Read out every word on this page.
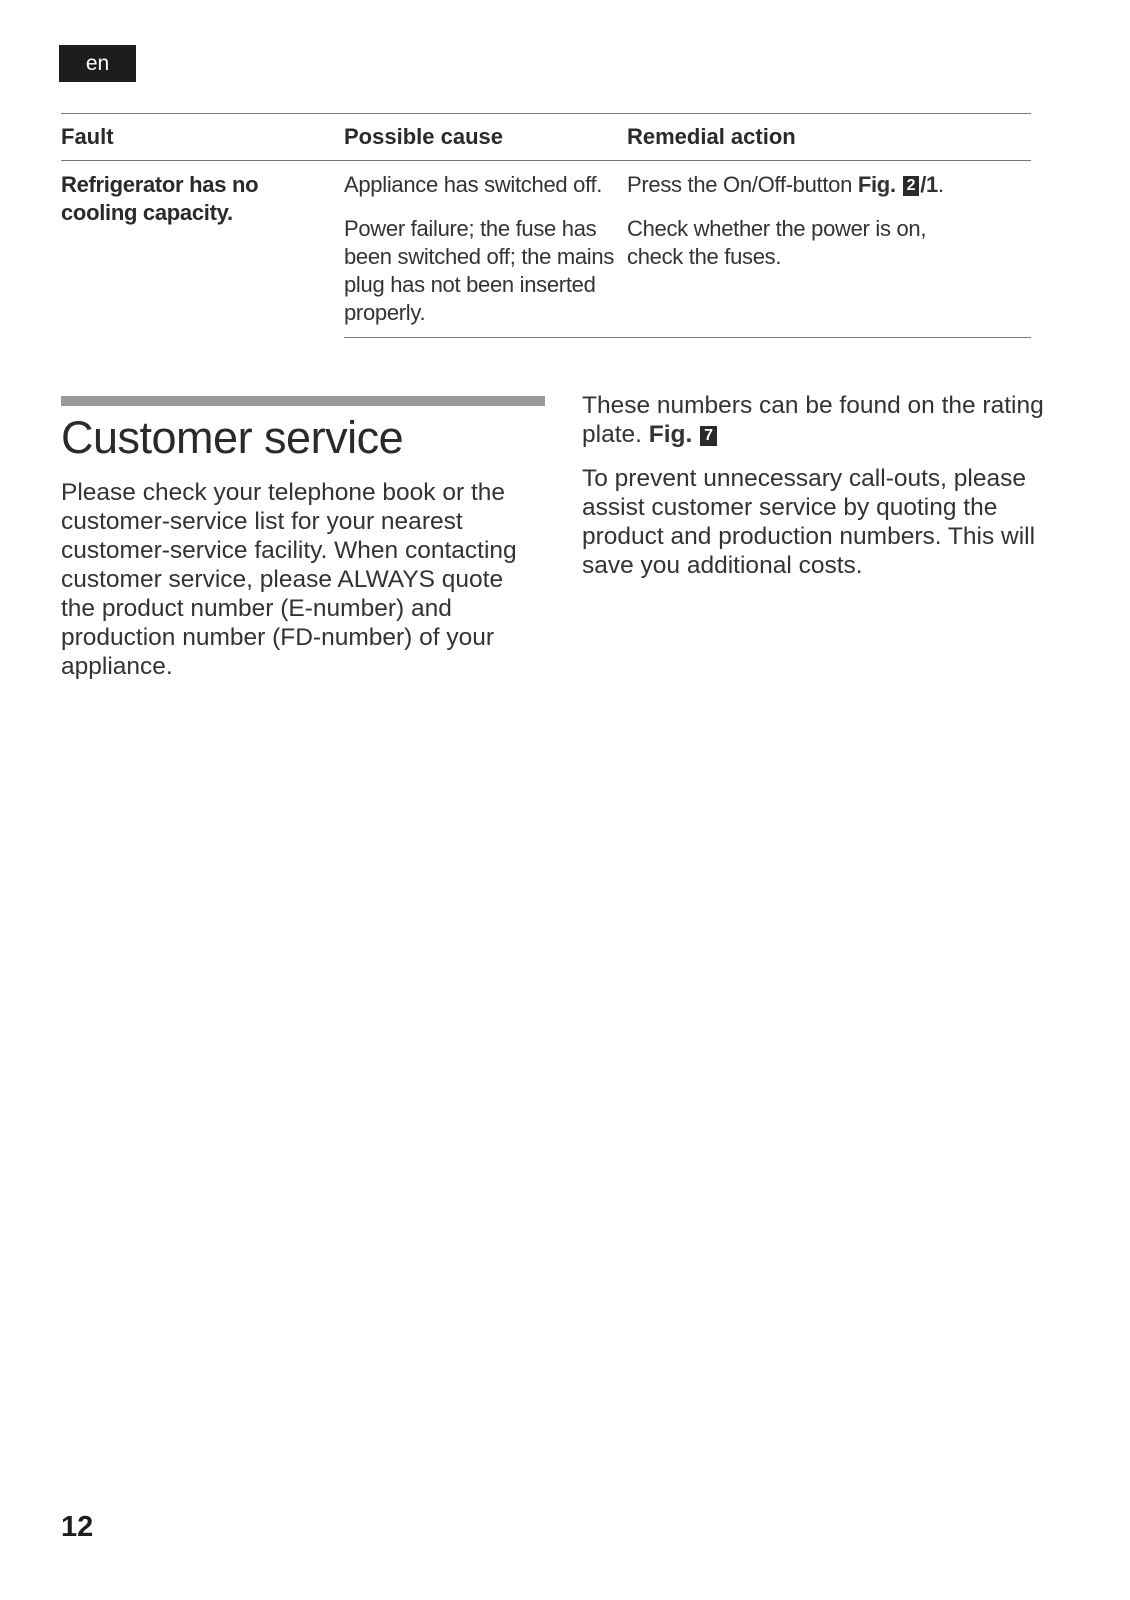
en
Fault	Possible cause	Remedial action

Refrigerator has no cooling capacity.	Appliance has switched off.	Press the On/Off-button Fig. 2 /1.
	Power failure; the fuse has been switched off; the mains plug has not been inserted properly.	Check whether the power is on, check the fuses.
Customer service

Please check your telephone book or the customer-service list for your nearest customer-service facility. When contacting customer service, please ALWAYS quote the product number (E-number) and production number (FD-number) of your appliance.

These numbers can be found on the rating plate. Fig. 7

To prevent unnecessary call-outs, please assist customer service by quoting the product and production numbers. This will save you additional costs.

12
